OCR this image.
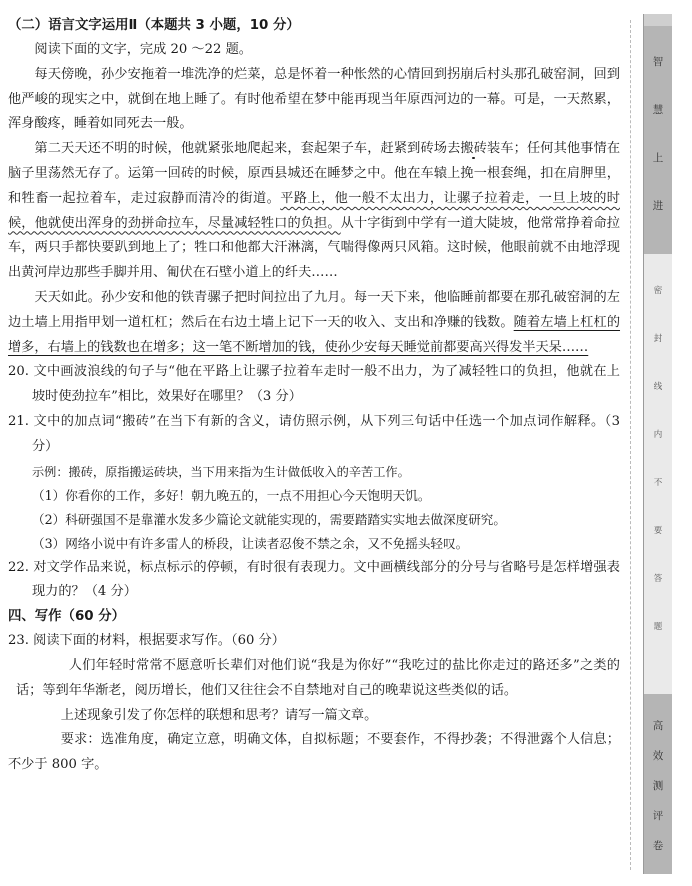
（二）语言文字运用Ⅱ（本题共 3 小题，10 分）

阅读下面的文字，完成 20 ～22 题。

每天傍晚，孙少安拖着一堆洗净的烂菜，总是怀着一种怅然的心情回到拐崩后村头那孔破窑洞，回到他严峻的现实之中，就倒在地上睡了。有时他希望在梦中能再现当年原西河边的一幕。可是，一天熬累，浑身酸疼，睡着如同死去一般。

第二天天还不明的时候，他就紧张地爬起来，套起架子车，赶紧到砖场去搬砖装车；任何其他事情在脑子里荡然无存了。运第一回砖的时候，原西县城还在睡梦之中。他在车辕上挽一根套绳，扣在肩胛里，和牲畜一起拉着车，走过寂静而清冷的街道。平路上，他一般不太出力，让骡子拉着走，一旦上坡的时候，他就使出浑身的劲拼命拉车，尽量减轻牲口的负担。从十字街到中学有一道大陡坡，他常常挣着命拉车，两只手都快要趴到地上了；牲口和他都大汗淋漓，气喘得像两只风箱。这时候，他眼前就不由地浮现出黄河岸边那些手脚并用、匍伏在石壁小道上的纤夫……

天天如此。孙少安和他的铁青骡子把时间拉出了九月。每一天下来，他临睡前都要在那孔破窑洞的左边土墙上用指甲划一道杠杠；然后在右边土墙上记下一天的收入、支出和净赚的钱数。随着左墙上杠杠的增多，右墙上的钱数也在增多；这一笔不断增加的钱，使孙少安每天睡觉前都要高兴得发半天呆……

20. 文中画波浪线的句子与“他在平路上让骡子拉着车走时一般不出力，为了减轻牲口的负担，他就在上坡时使劲拉车”相比，效果好在哪里？（3 分）

21. 文中的加点词“搬砖”在当下有新的含义，请仿照示例，从下列三句话中任选一个加点词作解释。（3 分）

示例：搬砖，原指搬运砖块，当下用来指为生计做低收入的辛苦工作。

（1）你看你的工作，多好！朝九晚五的，一点不用担心今天饱明天饥。

（2）科研强国不是靠灌水发多少篇论文就能实现的，需要踏踏实实地去做深度研究。

（3）网络小说中有许多雷人的桥段，让读者忍俊不禁之余，又不免摇头轻叹。

22. 对文学作品来说，标点标示的停顿，有时很有表现力。文中画横线部分的分号与省略号是怎样增强表现力的？（4 分）

四、写作（60 分）

23. 阅读下面的材料，根据要求写作。（60 分）

人们年轻时常常不愿意听长辈们对他们说“我是为你好”“我吃过的盐比你走过的路还多”之类的话；等到年华渐老，阅历增长，他们又往往会不自禁地对自己的晚辈说这些类似的话。

上述现象引发了你怎样的联想和思考？请写一篇文章。

要求：选准角度，确定立意，明确文体，自拟标题；不要套作，不得抄袭；不得泄露个人信息；不少于 800 字。

智
慧
上
进
密
封
线
内
不
要
答
题
高
效
测
评
卷
